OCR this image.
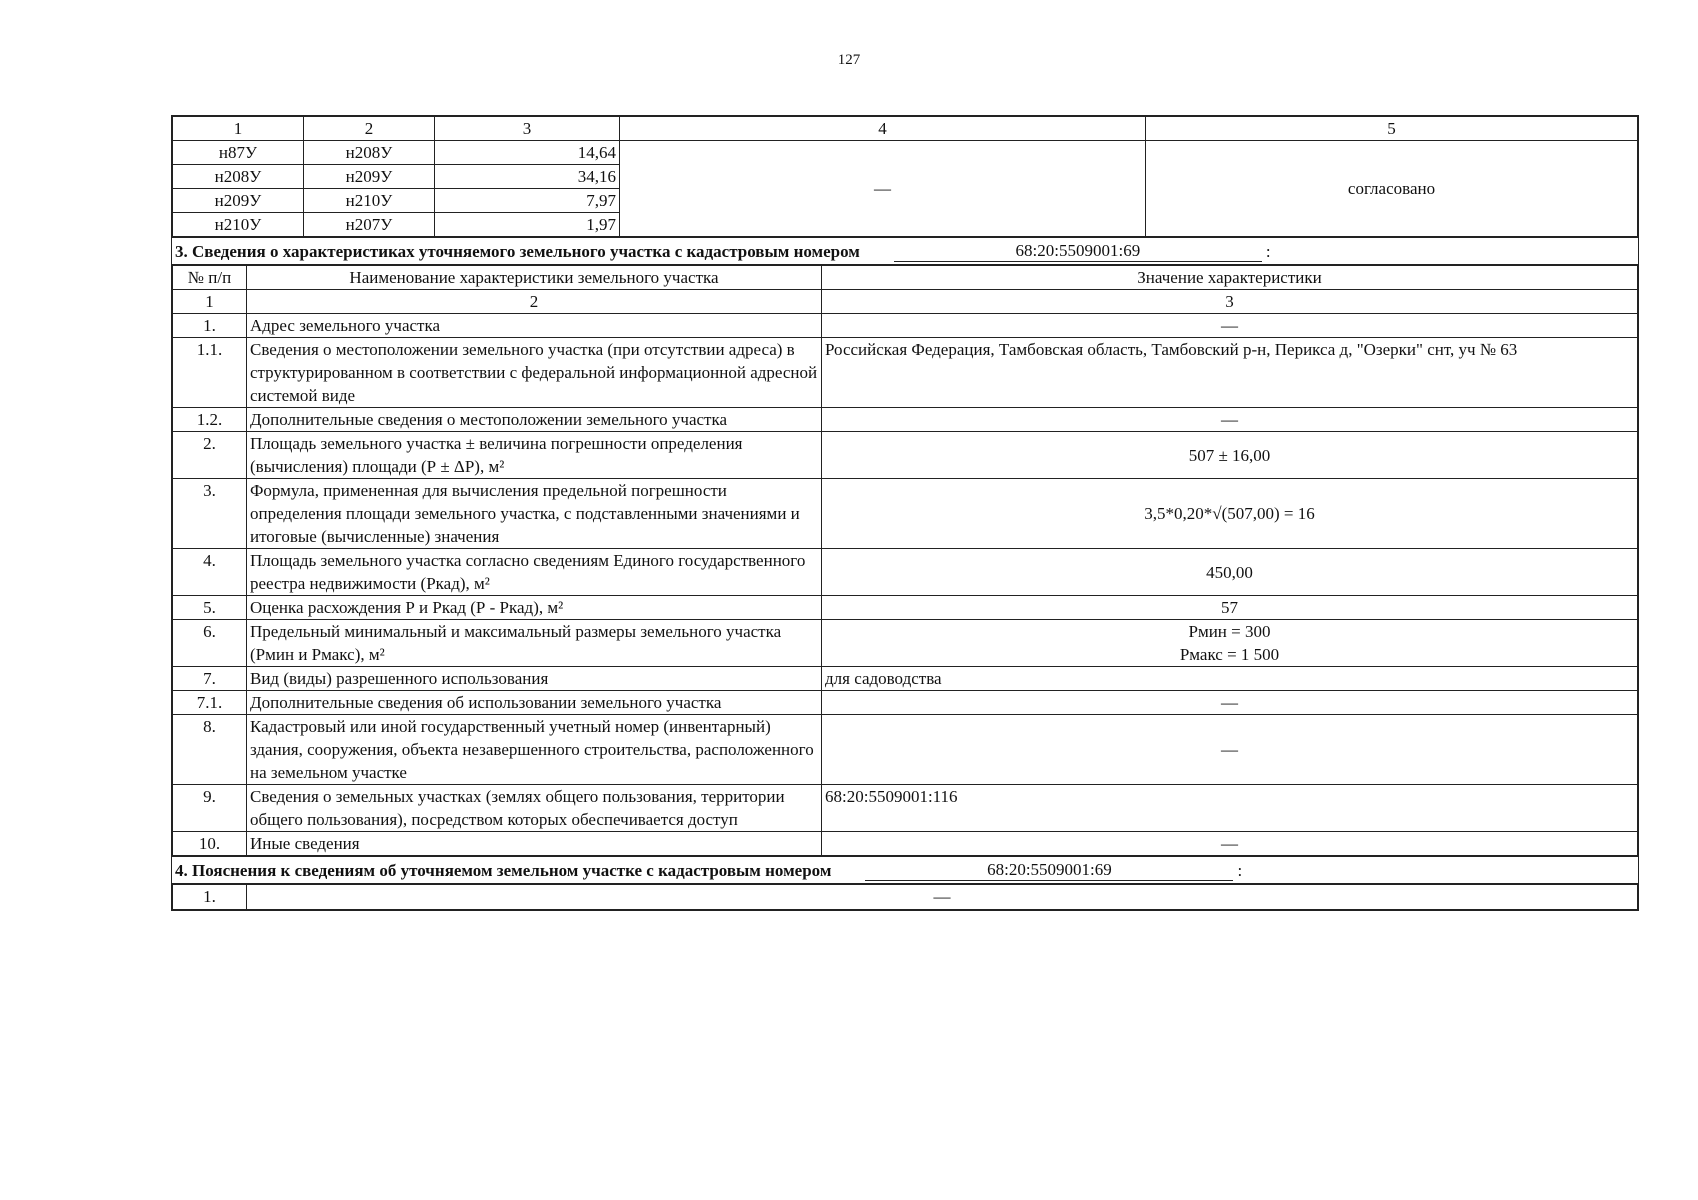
127
1	2	3	4	5
н87У	н208У	14,64	—	согласовано
н208У	н209У	34,16		
н209У	н210У	7,97		
н210У	н207У	1,97		
3. Сведения о характеристиках уточняемого земельного участка с кадастровым номером	68:20:5509001:69	:
№ п/п	Наименование характеристики земельного участка	Значение характеристики
1	2	3
1.	Адрес земельного участка	—
1.1.	Сведения о местоположении земельного участка (при отсутствии адреса) в структурированном в соответствии с федеральной информационной адресной системой виде	Российская Федерация, Тамбовская область, Тамбовский р-н, Перикса д, "Озерки" снт, уч № 63
1.2.	Дополнительные сведения о местоположении земельного участка	—
2.	Площадь земельного участка ± величина погрешности определения (вычисления) площади (Р ± ΔР), м²	507 ± 16,00
3.	Формула, примененная для вычисления предельной погрешности определения площади земельного участка, с подставленными значениями и итоговые (вычисленные) значения	3,5*0,20*√(507,00) = 16
4.	Площадь земельного участка согласно сведениям Единого государственного реестра недвижимости (Ркад), м²	450,00
5.	Оценка расхождения Р и Ркад (Р - Ркад), м²	57
6.	Предельный минимальный и максимальный размеры земельного участка (Рмин и Рмакс), м²	Рмин = 300
Рмакс = 1 500

7.	Вид (виды) разрешенного использования	для садоводства
7.1.	Дополнительные сведения об использовании земельного участка	—
8.	Кадастровый или иной государственный учетный номер (инвентарный) здания, сооружения, объекта незавершенного строительства, расположенного на земельном участке	—
9.	Сведения о земельных участках (землях общего пользования, территории общего пользования), посредством которых обеспечивается доступ	68:20:5509001:116
10.	Иные сведения	—
4. Пояснения к сведениям об уточняемом земельном участке с кадастровым номером	68:20:5509001:69	:
1.	—
